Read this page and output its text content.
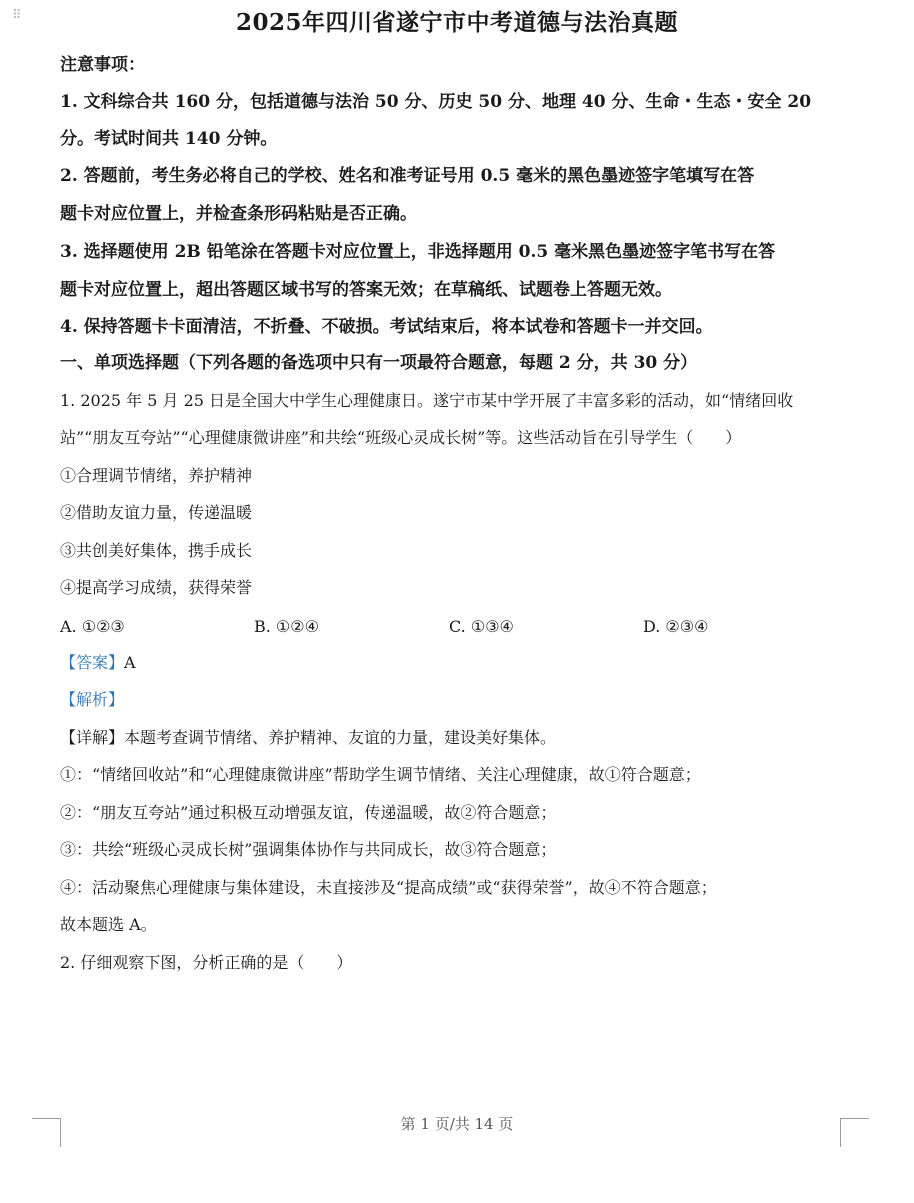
⠿	2025年四川省遂宁市中考道德与法治真题
注意事项：
1. 文科综合共 160 分，包括道德与法治 50 分、历史 50 分、地理 40 分、生命・生态・安全 20
分。考试时间共 140 分钟。
2. 答题前，考生务必将自己的学校、姓名和准考证号用 0.5 毫米的黑色墨迹签字笔填写在答
题卡对应位置上，并检查条形码粘贴是否正确。
3. 选择题使用 2B 铅笔涂在答题卡对应位置上，非选择题用 0.5 毫米黑色墨迹签字笔书写在答
题卡对应位置上，超出答题区域书写的答案无效；在草稿纸、试题卷上答题无效。
4. 保持答题卡卡面清洁，不折叠、不破损。考试结束后，将本试卷和答题卡一并交回。
一、单项选择题（下列各题的备选项中只有一项最符合题意，每题 2 分，共 30 分）
1. 2025 年 5 月 25 日是全国大中学生心理健康日。遂宁市某中学开展了丰富多彩的活动，如“情绪回收
站”“朋友互夸站”“心理健康微讲座”和共绘“班级心灵成长树”等。这些活动旨在引导学生（　　）
①合理调节情绪，养护精神
②借助友谊力量，传递温暖
③共创美好集体，携手成长
④提高学习成绩，获得荣誉
A. ①②③	B. ①②④	C. ①③④	D. ②③④
【答案】A
【解析】
【详解】本题考查调节情绪、养护精神、友谊的力量，建设美好集体。
①：“情绪回收站”和“心理健康微讲座”帮助学生调节情绪、关注心理健康，故①符合题意；
②：“朋友互夸站”通过积极互动增强友谊，传递温暖，故②符合题意；
③：共绘“班级心灵成长树”强调集体协作与共同成长，故③符合题意；
④：活动聚焦心理健康与集体建设，未直接涉及“提高成绩”或“获得荣誉”，故④不符合题意；
故本题选 A。
2. 仔细观察下图，分析正确的是（　　）
第 1 页/共 14 页
